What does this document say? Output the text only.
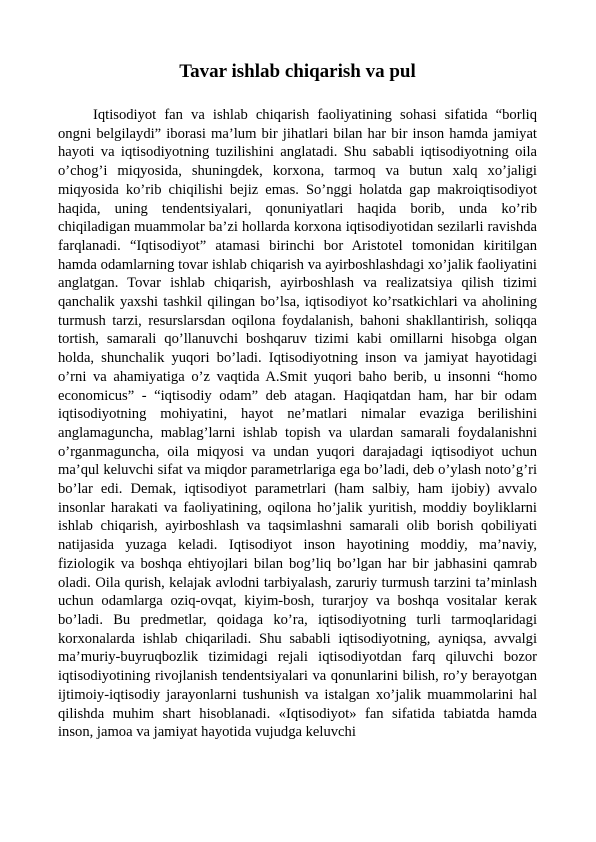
Tavar ishlab chiqarish va pul

Iqtisodiyot fan va ishlab chiqarish faoliyatining sohasi sifatida “borliq ongni belgilaydi” iborasi ma’lum bir jihatlari bilan har bir inson hamda jamiyat hayoti va iqtisodiyotning tuzilishini anglatadi. Shu sababli iqtisodiyotning oila o’chog’i miqyosida, shuningdek, korxona, tarmoq va butun xalq xo’jaligi miqyosida ko’rib chiqilishi bejiz emas. So’nggi holatda gap makroiqtisodiyot haqida, uning tendentsiyalari, qonuniyatlari haqida borib, unda ko’rib chiqiladigan muammolar ba’zi hollarda korxona iqtisodiyotidan sezilarli ravishda farqlanadi. “Iqtisodiyot” atamasi birinchi bor Aristotel tomonidan kiritilgan hamda odamlarning tovar ishlab chiqarish va ayirboshlashdagi xo’jalik faoliyatini anglatgan. Tovar ishlab chiqarish, ayirboshlash va realizatsiya qilish tizimi qanchalik yaxshi tashkil qilingan bo’lsa, iqtisodiyot ko’rsatkichlari va aholining turmush tarzi, resurslarsdan oqilona foydalanish, bahoni shakllantirish, soliqqa tortish, samarali qo’llanuvchi boshqaruv tizimi kabi omillarni hisobga olgan holda, shunchalik yuqori bo’ladi. Iqtisodiyotning inson va jamiyat hayotidagi o’rni va ahamiyatiga o’z vaqtida A.Smit yuqori baho berib, u insonni “homo economicus” - “iqtisodiy odam” deb atagan. Haqiqatdan ham, har bir odam iqtisodiyotning mohiyatini, hayot ne’matlari nimalar evaziga berilishini anglamaguncha, mablag’larni ishlab topish va ulardan samarali foydalanishni o’rganmaguncha, oila miqyosi va undan yuqori darajadagi iqtisodiyot uchun ma’qul keluvchi sifat va miqdor parametrlariga ega bo’ladi, deb o’ylash noto’g’ri bo’lar edi. Demak, iqtisodiyot parametrlari (ham salbiy, ham ijobiy) avvalo insonlar harakati va faoliyatining, oqilona ho’jalik yuritish, moddiy boyliklarni ishlab chiqarish, ayirboshlash va taqsimlashni samarali olib borish qobiliyati natijasida yuzaga keladi. Iqtisodiyot inson hayotining moddiy, ma’naviy, fiziologik va boshqa ehtiyojlari bilan bog’liq bo’lgan har bir jabhasini qamrab oladi. Oila qurish, kelajak avlodni tarbiyalash, zaruriy turmush tarzini ta’minlash uchun odamlarga oziq-ovqat, kiyim-bosh, turarjoy va boshqa vositalar kerak bo’ladi. Bu predmetlar, qoidaga ko’ra, iqtisodiyotning turli tarmoqlaridagi korxonalarda ishlab chiqariladi. Shu sababli iqtisodiyotning, ayniqsa, avvalgi ma’muriy-buyruqbozlik tizimidagi rejali iqtisodiyotdan farq qiluvchi bozor iqtisodiyotining rivojlanish tendentsiyalari va qonunlarini bilish, ro’y berayotgan ijtimoiy-iqtisodiy jarayonlarni tushunish va istalgan xo’jalik muammolarini hal qilishda muhim shart hisoblanadi. «Iqtisodiyot» fan sifatida tabiatda hamda inson, jamoa va jamiyat hayotida vujudga keluvchi
